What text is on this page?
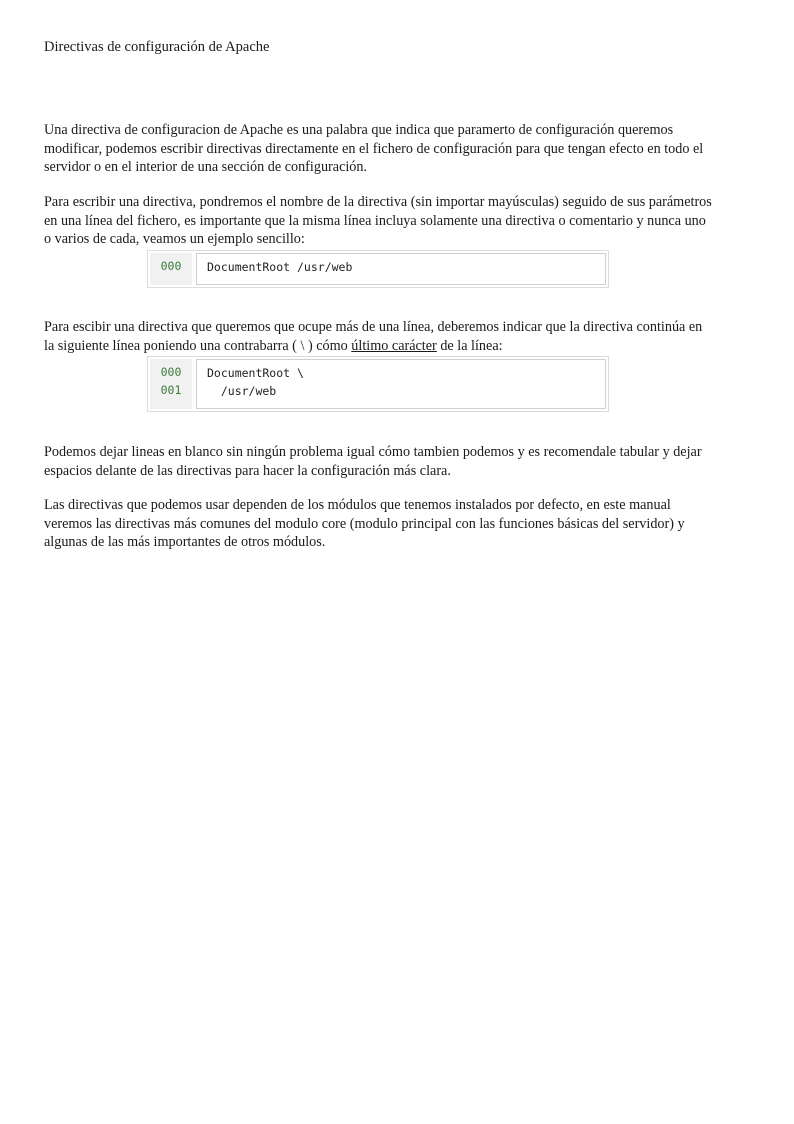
Directivas de configuración de Apache

Una directiva de configuracion de Apache es una palabra que indica que paramerto de configuración queremos modificar, podemos escribir directivas directamente en el fichero de configuración para que tengan efecto en todo el servidor o en el interior de una sección de configuración.

Para escribir una directiva, pondremos el nombre de la directiva (sin importar mayúsculas) seguido de sus parámetros en una línea del fichero, es importante que la misma línea incluya solamente una directiva o comentario y nunca uno o varios de cada, veamos un ejemplo sencillo:

000 DocumentRoot /usr/web

Para escibir una directiva que queremos que ocupe más de una línea, deberemos indicar que la directiva continúa en la siguiente línea poniendo una contrabarra ( \ ) cómo último carácter de la línea:

000
001
DocumentRoot \
/usr/web

Podemos dejar lineas en blanco sin ningún problema igual cómo tambien podemos y es recomendale tabular y dejar espacios delante de las directivas para hacer la configuración más clara.

Las directivas que podemos usar dependen de los módulos que tenemos instalados por defecto, en este manual veremos las directivas más comunes del modulo core (modulo principal con las funciones básicas del servidor) y algunas de las más importantes de otros módulos.
